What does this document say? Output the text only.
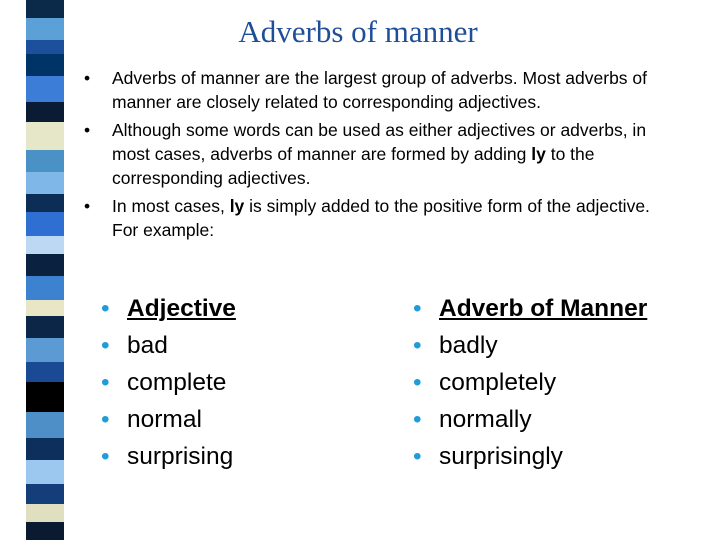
Adverbs of manner
• Adverbs of manner are the largest group of adverbs. Most adverbs of manner are closely related to corresponding adjectives.
• Although some words can be used as either adjectives or adverbs, in most cases, adverbs of manner are formed by adding ly to the corresponding adjectives.
• In most cases, ly is simply added to the positive form of the adjective. For example:
• Adjective
• bad
• complete
• normal
• surprising
• Adverb of Manner
• badly
• completely
• normally
• surprisingly
